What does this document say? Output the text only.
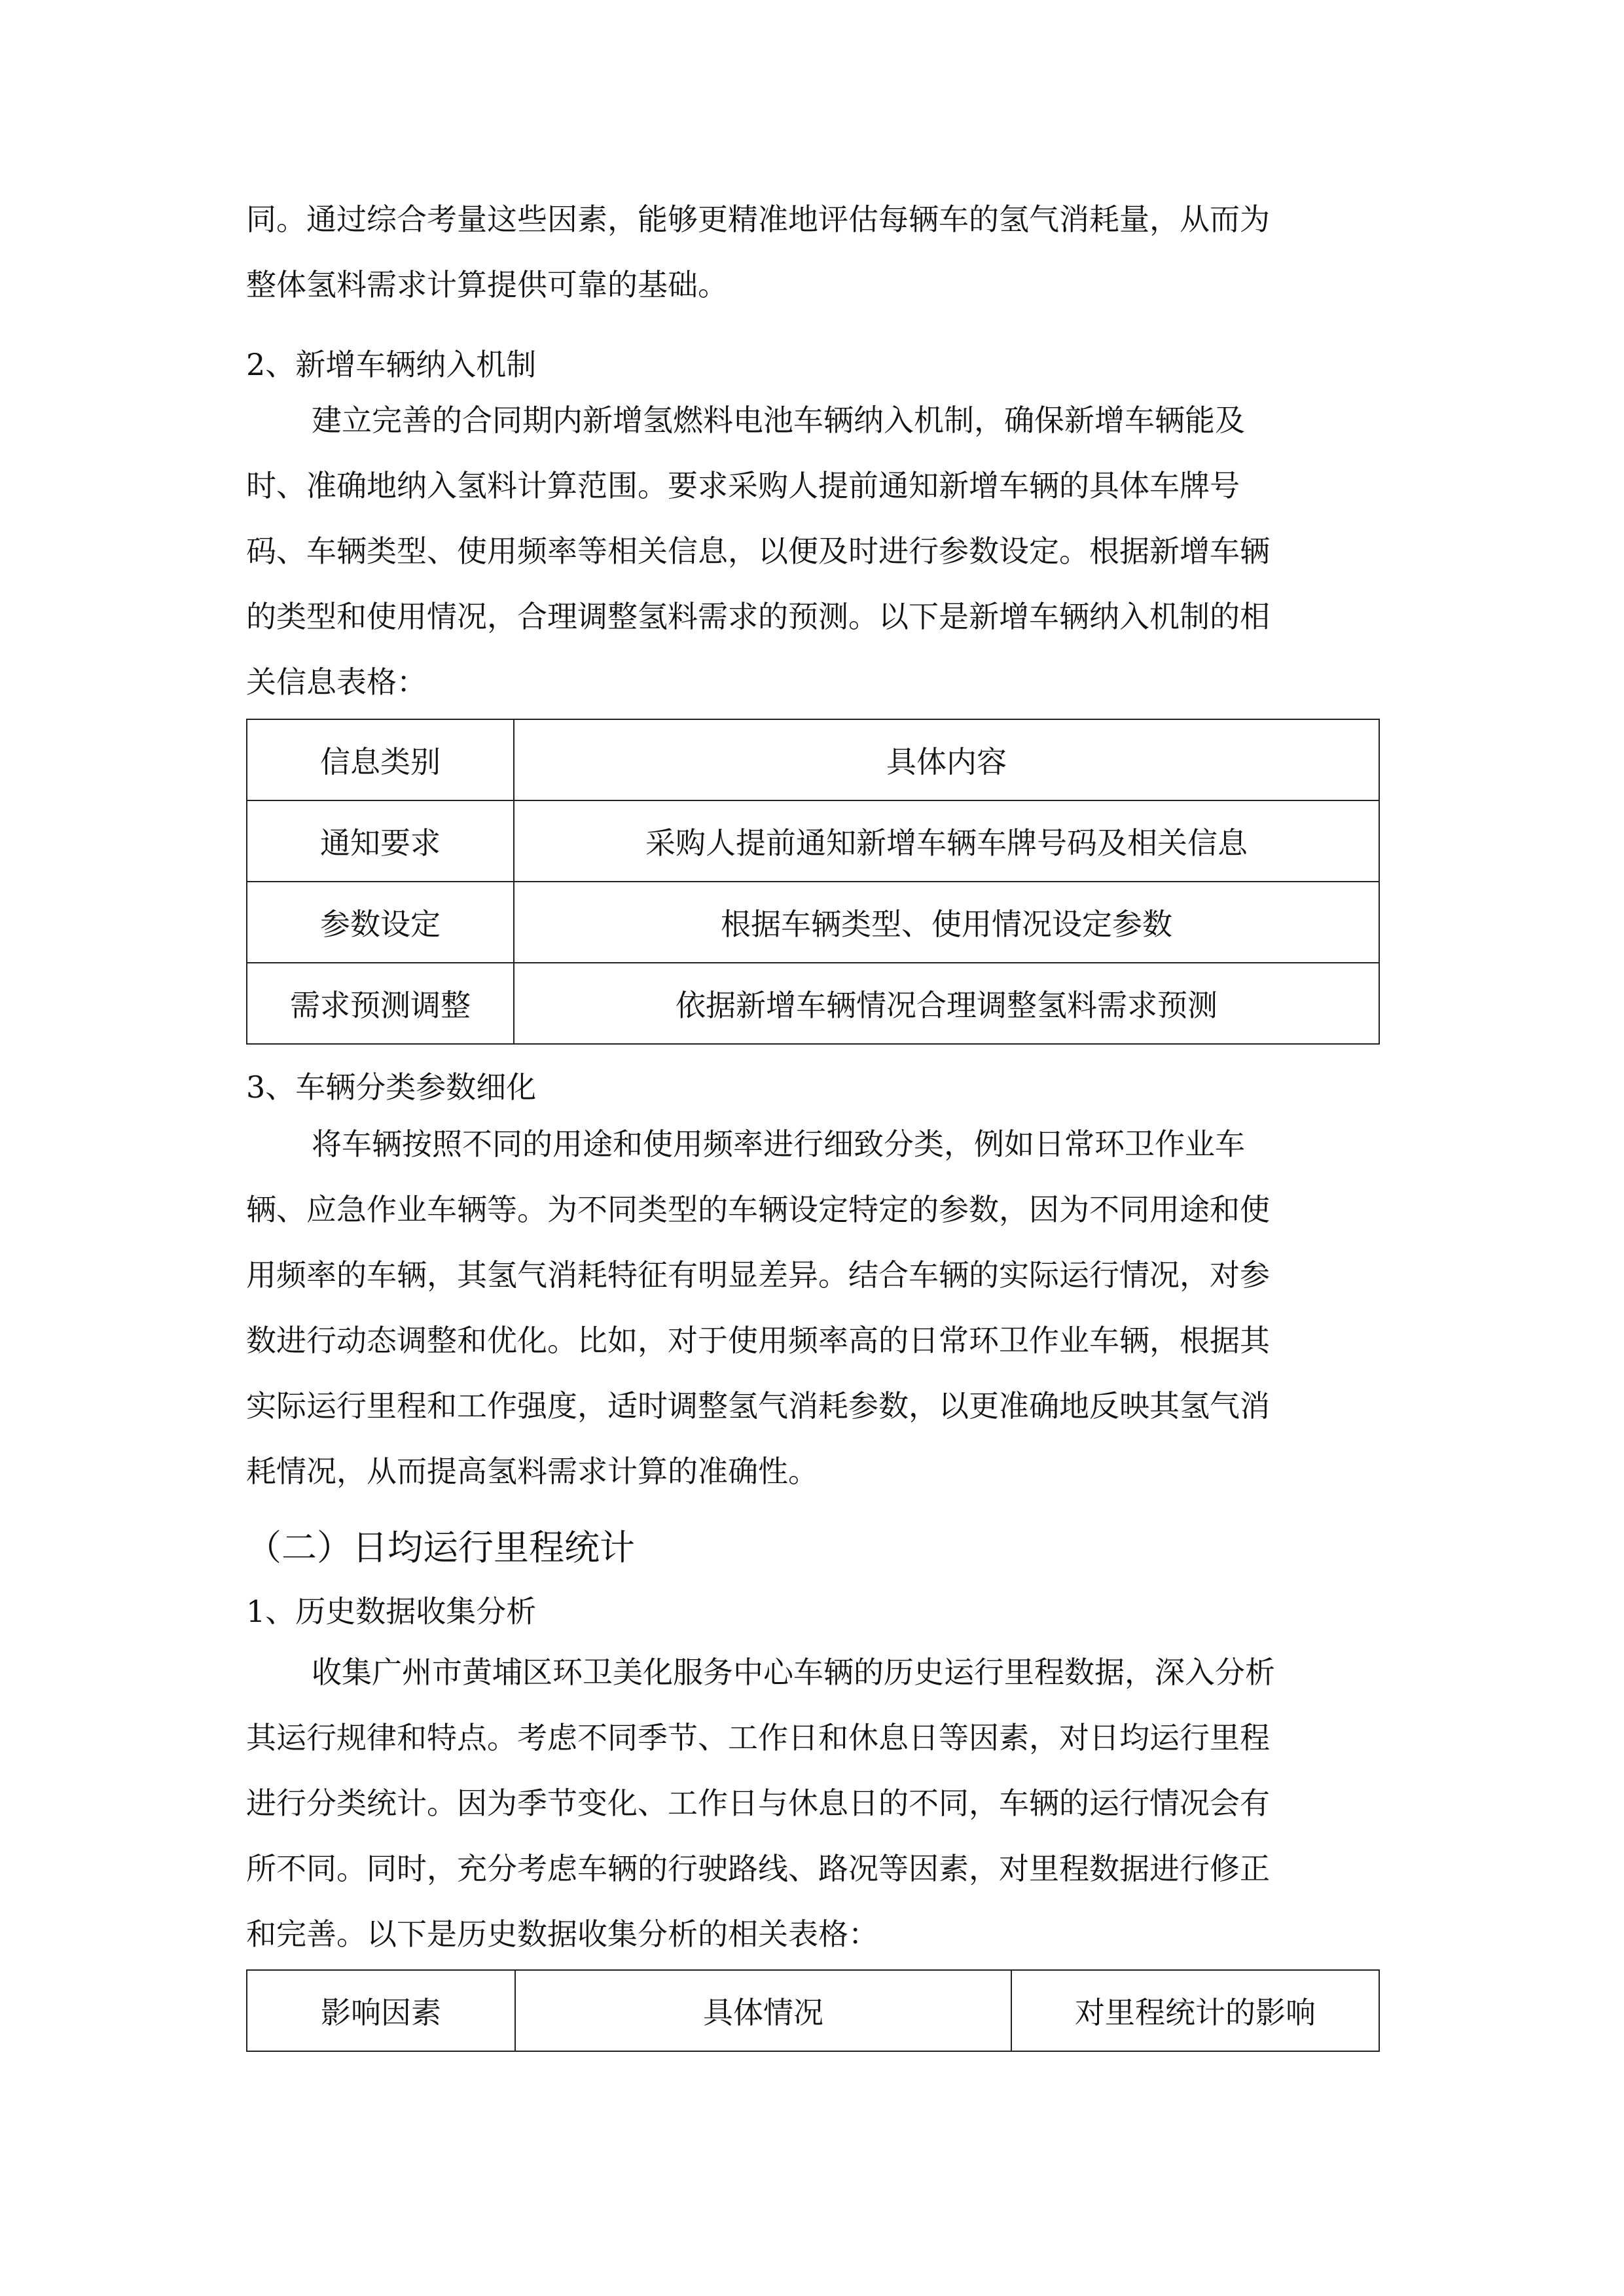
同。通过综合考量这些因素，能够更精准地评估每辆车的氢气消耗量，从而为
整体氢料需求计算提供可靠的基础。
2、新增车辆纳入机制
建立完善的合同期内新增氢燃料电池车辆纳入机制，确保新增车辆能及
时、准确地纳入氢料计算范围。要求采购人提前通知新增车辆的具体车牌号
码、车辆类型、使用频率等相关信息，以便及时进行参数设定。根据新增车辆
的类型和使用情况，合理调整氢料需求的预测。以下是新增车辆纳入机制的相
关信息表格：
信息类别	具体内容
通知要求	采购人提前通知新增车辆车牌号码及相关信息
参数设定	根据车辆类型、使用情况设定参数
需求预测调整	依据新增车辆情况合理调整氢料需求预测
3、车辆分类参数细化
将车辆按照不同的用途和使用频率进行细致分类，例如日常环卫作业车
辆、应急作业车辆等。为不同类型的车辆设定特定的参数，因为不同用途和使
用频率的车辆，其氢气消耗特征有明显差异。结合车辆的实际运行情况，对参
数进行动态调整和优化。比如，对于使用频率高的日常环卫作业车辆，根据其
实际运行里程和工作强度，适时调整氢气消耗参数，以更准确地反映其氢气消
耗情况，从而提高氢料需求计算的准确性。
（二）日均运行里程统计
1、历史数据收集分析
收集广州市黄埔区环卫美化服务中心车辆的历史运行里程数据，深入分析
其运行规律和特点。考虑不同季节、工作日和休息日等因素，对日均运行里程
进行分类统计。因为季节变化、工作日与休息日的不同，车辆的运行情况会有
所不同。同时，充分考虑车辆的行驶路线、路况等因素，对里程数据进行修正
和完善。以下是历史数据收集分析的相关表格：
影响因素	具体情况	对里程统计的影响
